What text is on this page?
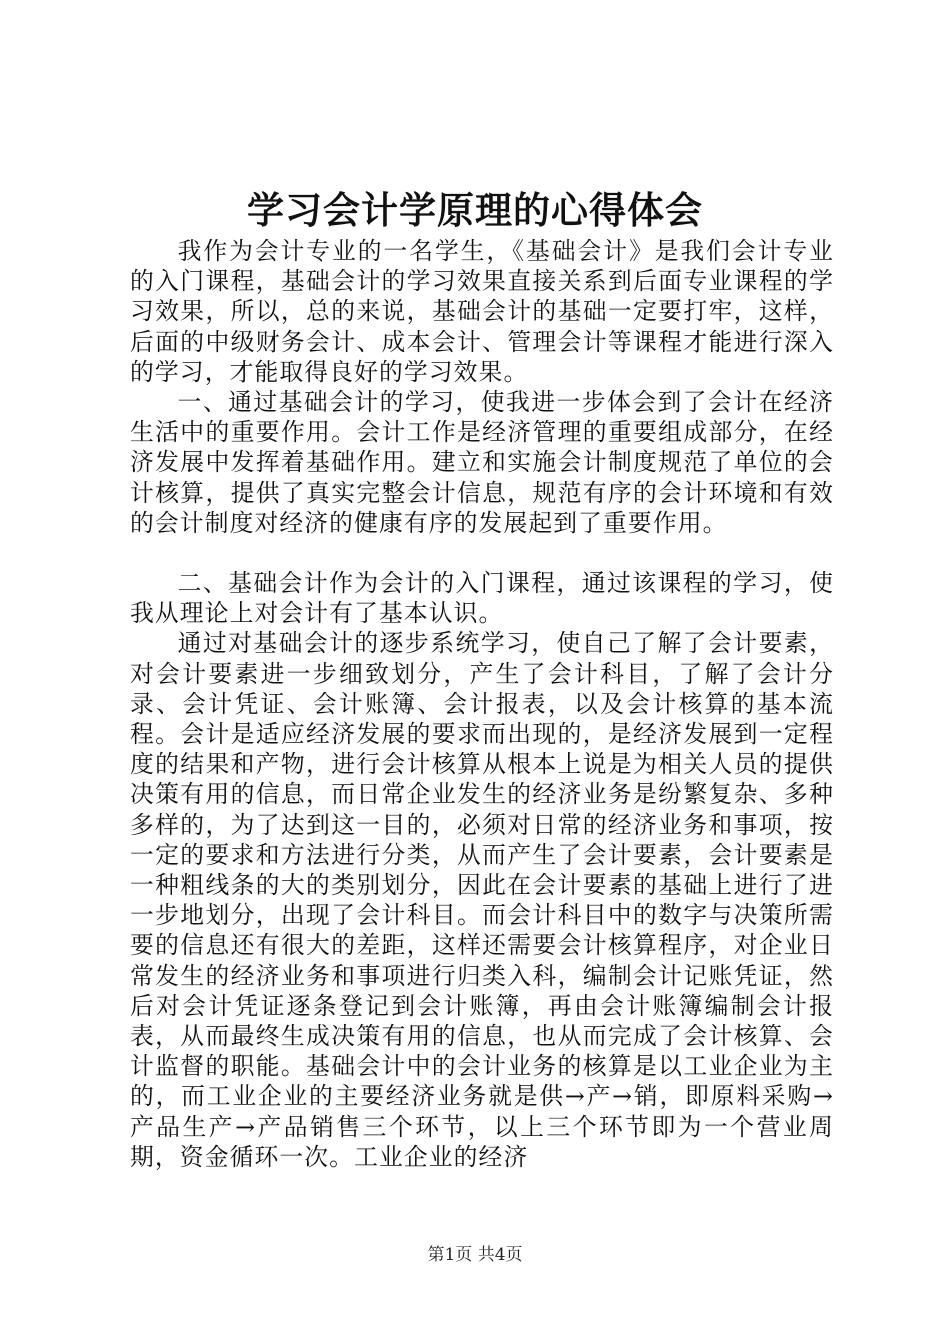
学习会计学原理的心得体会

我作为会计专业的一名学生，《基础会计》是我们会计专业的入门课程，基础会计的学习效果直接关系到后面专业课程的学习效果，所以，总的来说，基础会计的基础一定要打牢，这样，后面的中级财务会计、成本会计、管理会计等课程才能进行深入的学习，才能取得良好的学习效果。

一、通过基础会计的学习，使我进一步体会到了会计在经济生活中的重要作用。会计工作是经济管理的重要组成部分，在经济发展中发挥着基础作用。建立和实施会计制度规范了单位的会计核算，提供了真实完整会计信息，规范有序的会计环境和有效的会计制度对经济的健康有序的发展起到了重要作用。

二、基础会计作为会计的入门课程，通过该课程的学习，使我从理论上对会计有了基本认识。

通过对基础会计的逐步系统学习，使自己了解了会计要素，对会计要素进一步细致划分，产生了会计科目，了解了会计分录、会计凭证、会计账簿、会计报表，以及会计核算的基本流程。会计是适应经济发展的要求而出现的，是经济发展到一定程度的结果和产物，进行会计核算从根本上说是为相关人员的提供决策有用的信息，而日常企业发生的经济业务是纷繁复杂、多种多样的，为了达到这一目的，必须对日常的经济业务和事项，按一定的要求和方法进行分类，从而产生了会计要素，会计要素是一种粗线条的大的类别划分，因此在会计要素的基础上进行了进一步地划分，出现了会计科目。而会计科目中的数字与决策所需要的信息还有很大的差距，这样还需要会计核算程序，对企业日常发生的经济业务和事项进行归类入科，编制会计记账凭证，然后对会计凭证逐条登记到会计账簿，再由会计账簿编制会计报表，从而最终生成决策有用的信息，也从而完成了会计核算、会计监督的职能。基础会计中的会计业务的核算是以工业企业为主的，而工业企业的主要经济业务就是供→产→销，即原料采购→产品生产→产品销售三个环节，以上三个环节即为一个营业周期，资金循环一次。工业企业的经济

第1页 共4页
